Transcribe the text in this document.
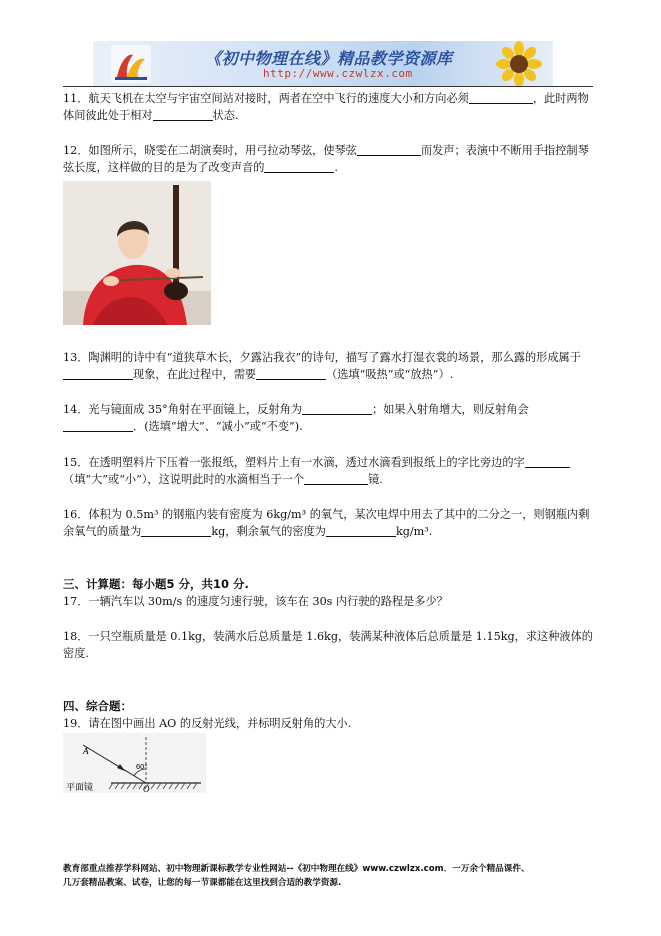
《初中物理在线》精品教学资源库
http://www.czwlzx.com
11．航天飞机在太空与宇宙空间站对接时，两者在空中飞行的速度大小和方向必须	，此时两物体间彼此处于相对	状态.
12．如图所示，晓雯在二胡演奏时，用弓拉动琴弦，使琴弦	而发声；表演中不断用手指控制琴弦长度，这样做的目的是为了改变声音的	.
13．陶渊明的诗中有“道狭草木长，夕露沾我衣”的诗句，描写了露水打湿衣裳的场景，那么露的形成属于现象，在此过程中，需要	（选填“吸热”或“放热”）.
14．光与镜面成 35°角射在平面镜上，反射角为	；如果入射角增大，则反射角会．(选填“增大”、“减小”或“不变”).
15．在透明塑料片下压着一张报纸，塑料片上有一水滴，透过水滴看到报纸上的字比旁边的字（填“大”或“小”），这说明此时的水滴相当于一个	镜.
16．体积为 0.5m³ 的钢瓶内装有密度为 6kg/m³ 的氧气，某次电焊中用去了其中的二分之一，则钢瓶内剩余氧气的质量为	kg，剩余氧气的密度为	kg/m³.
三、计算题：每小题5 分，共10 分.
17．一辆汽车以 30m/s 的速度匀速行驶，该车在 30s 内行驶的路程是多少？
18．一只空瓶质量是 0.1kg，装满水后总质量是 1.6kg，装满某种液体后总质量是 1.15kg，求这种液体的密度.
四、综合题：
19．请在图中画出 AO 的反射光线，并标明反射角的大小.
A
60°
O
平面镜
教育部重点推荐学科网站、初中物理新课标教学专业性网站--《初中物理在线》www.czwlzx.com．一万余个精品课件、
几万套精品教案、试卷，让您的每一节课都能在这里找到合适的教学资源.
